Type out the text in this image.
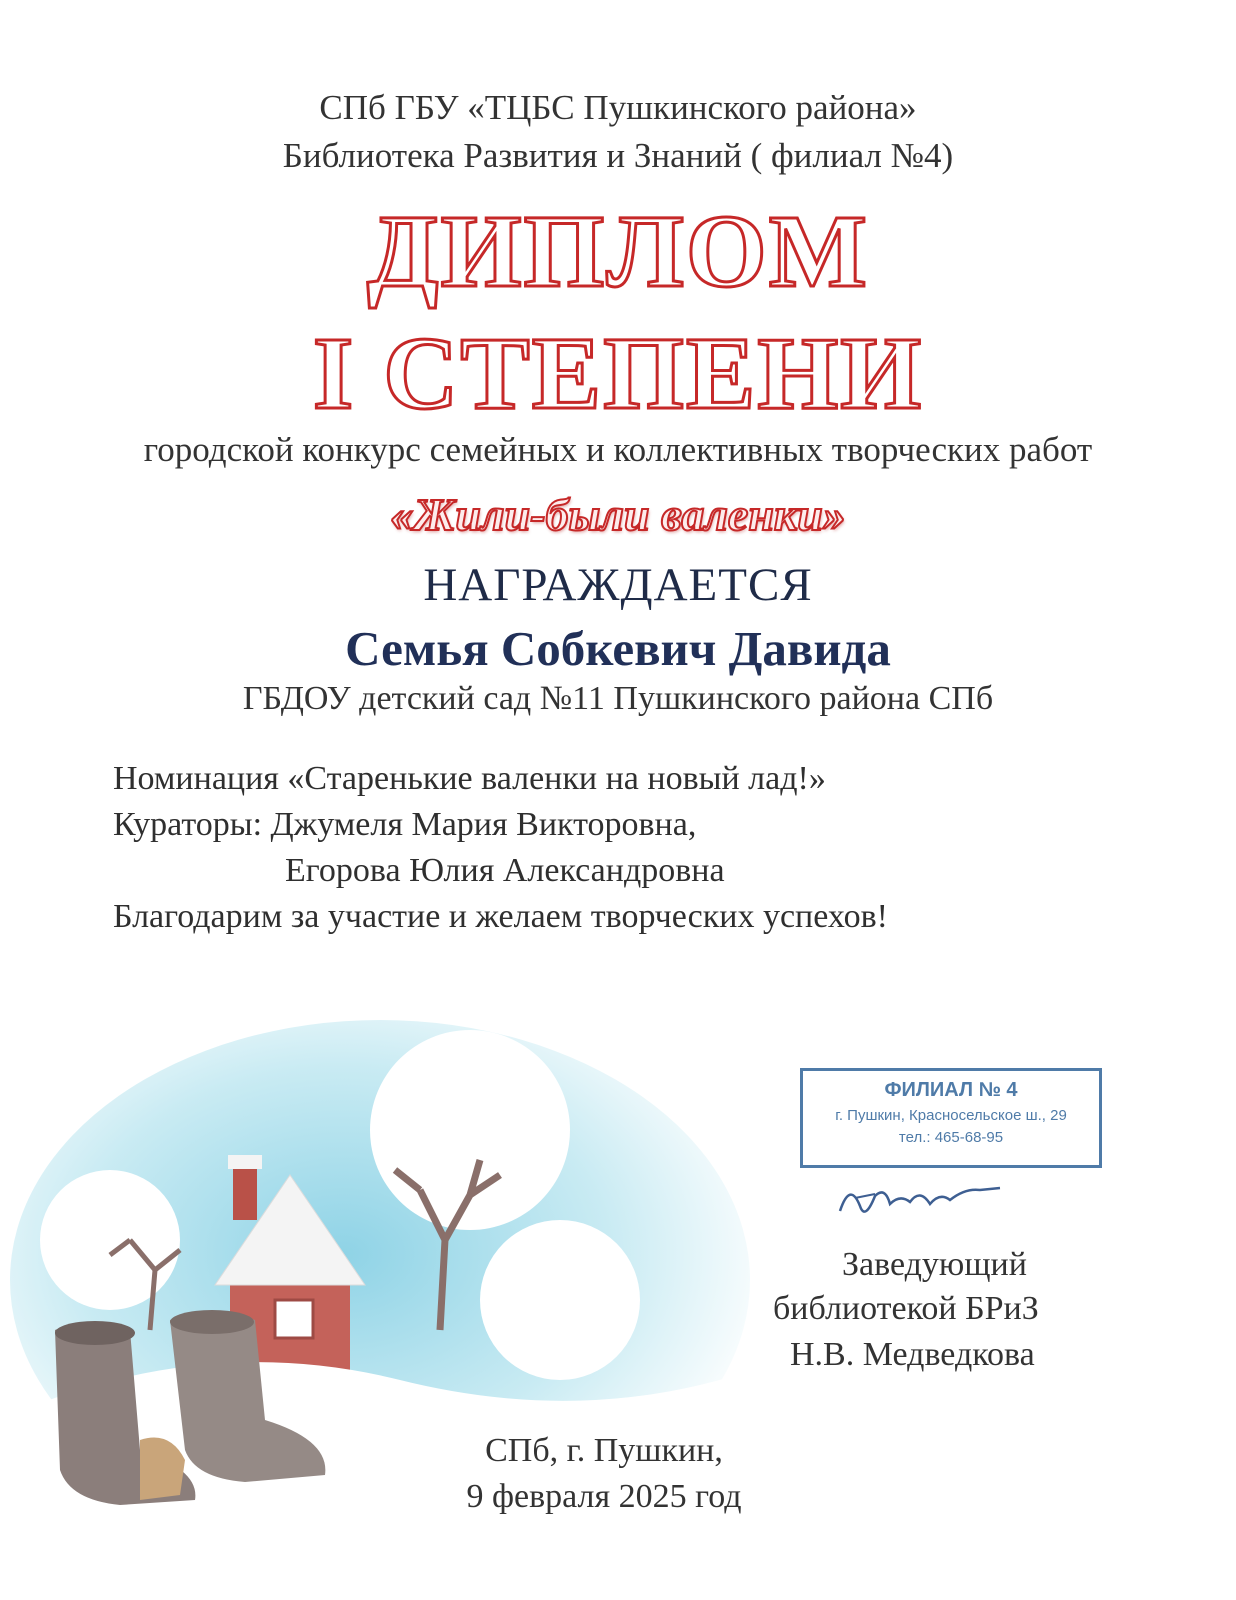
СПб ГБУ «ТЦБС Пушкинского района»
Библиотека Развития и Знаний ( филиал №4)
ДИПЛОМ
I СТЕПЕНИ
городской конкурс семейных и коллективных творческих работ
«Жили-были валенки»
НАГРАЖДАЕТСЯ
Семья Собкевич Давида
ГБДОУ детский сад №11 Пушкинского района СПб
Номинация «Старенькие валенки на новый лад!»
Кураторы: Джумеля Мария Викторовна,
Егорова Юлия Александровна
Благодарим за участие и желаем творческих успехов!
ФИЛИАЛ № 4
г. Пушкин, Красносельское ш., 29
тел.: 465-68-95
Заведующий
библиотекой БРиЗ
Н.В. Медведкова
СПб, г. Пушкин,
9 февраля 2025 год
